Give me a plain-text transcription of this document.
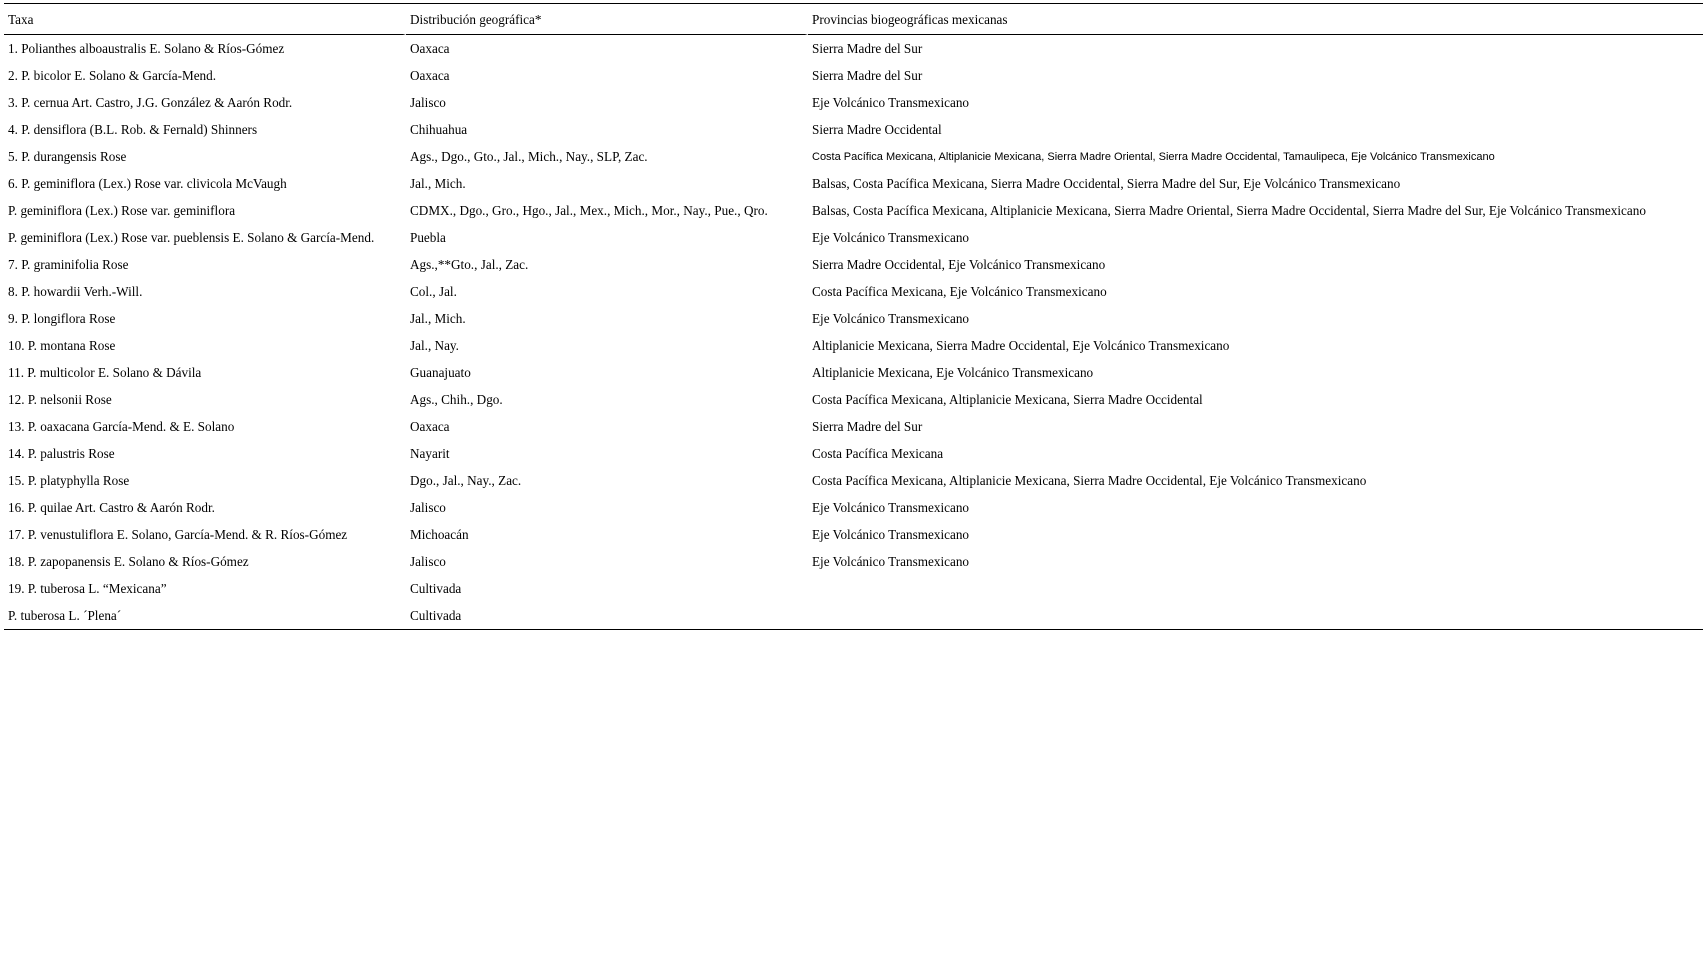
Taxa	Distribución geográfica*	Provincias biogeográficas mexicanas
1. Polianthes alboaustralis E. Solano & Ríos-Gómez	Oaxaca	Sierra Madre del Sur
2. P. bicolor E. Solano & García-Mend.	Oaxaca	Sierra Madre del Sur
3. P. cernua Art. Castro, J.G. González & Aarón Rodr.	Jalisco	Eje Volcánico Transmexicano
4. P. densiflora (B.L. Rob. & Fernald) Shinners	Chihuahua	Sierra Madre Occidental
5. P. durangensis Rose	Ags., Dgo., Gto., Jal., Mich., Nay., SLP, Zac.	Costa Pacífica Mexicana, Altiplanicie Mexicana, Sierra Madre Oriental, Sierra Madre Occidental, Tamaulipeca, Eje Volcánico Transmexicano
6. P. geminiflora (Lex.) Rose var. clivicola McVaugh	Jal., Mich.	Balsas, Costa Pacífica Mexicana, Sierra Madre Occidental, Sierra Madre del Sur, Eje Volcánico Transmexicano
P. geminiflora (Lex.) Rose var. geminiflora	CDMX., Dgo., Gro., Hgo., Jal., Mex., Mich., Mor., Nay., Pue., Qro.	Balsas, Costa Pacífica Mexicana, Altiplanicie Mexicana, Sierra Madre Oriental, Sierra Madre Occidental, Sierra Madre del Sur, Eje Volcánico Transmexicano
P. geminiflora (Lex.) Rose var. pueblensis E. Solano & García-Mend.	Puebla	Eje Volcánico Transmexicano
7. P. graminifolia Rose	Ags.,**Gto., Jal., Zac.	Sierra Madre Occidental, Eje Volcánico Transmexicano
8. P. howardii Verh.-Will.	Col., Jal.	Costa Pacífica Mexicana, Eje Volcánico Transmexicano
9. P. longiflora Rose	Jal., Mich.	Eje Volcánico Transmexicano
10. P. montana Rose	Jal., Nay.	Altiplanicie Mexicana, Sierra Madre Occidental, Eje Volcánico Transmexicano
11. P. multicolor E. Solano & Dávila	Guanajuato	Altiplanicie Mexicana, Eje Volcánico Transmexicano
12. P. nelsonii Rose	Ags., Chih., Dgo.	Costa Pacífica Mexicana, Altiplanicie Mexicana, Sierra Madre Occidental
13. P. oaxacana García-Mend. & E. Solano	Oaxaca	Sierra Madre del Sur
14. P. palustris Rose	Nayarit	Costa Pacífica Mexicana
15. P. platyphylla Rose	Dgo., Jal., Nay., Zac.	Costa Pacífica Mexicana, Altiplanicie Mexicana, Sierra Madre Occidental, Eje Volcánico Transmexicano
16. P. quilae Art. Castro & Aarón Rodr.	Jalisco	Eje Volcánico Transmexicano
17. P. venustuliflora E. Solano, García-Mend. & R. Ríos-Gómez	Michoacán	Eje Volcánico Transmexicano
18. P. zapopanensis E. Solano & Ríos-Gómez	Jalisco	Eje Volcánico Transmexicano
19. P. tuberosa L. “Mexicana”	Cultivada	
P. tuberosa L. ´Plena´	Cultivada	
